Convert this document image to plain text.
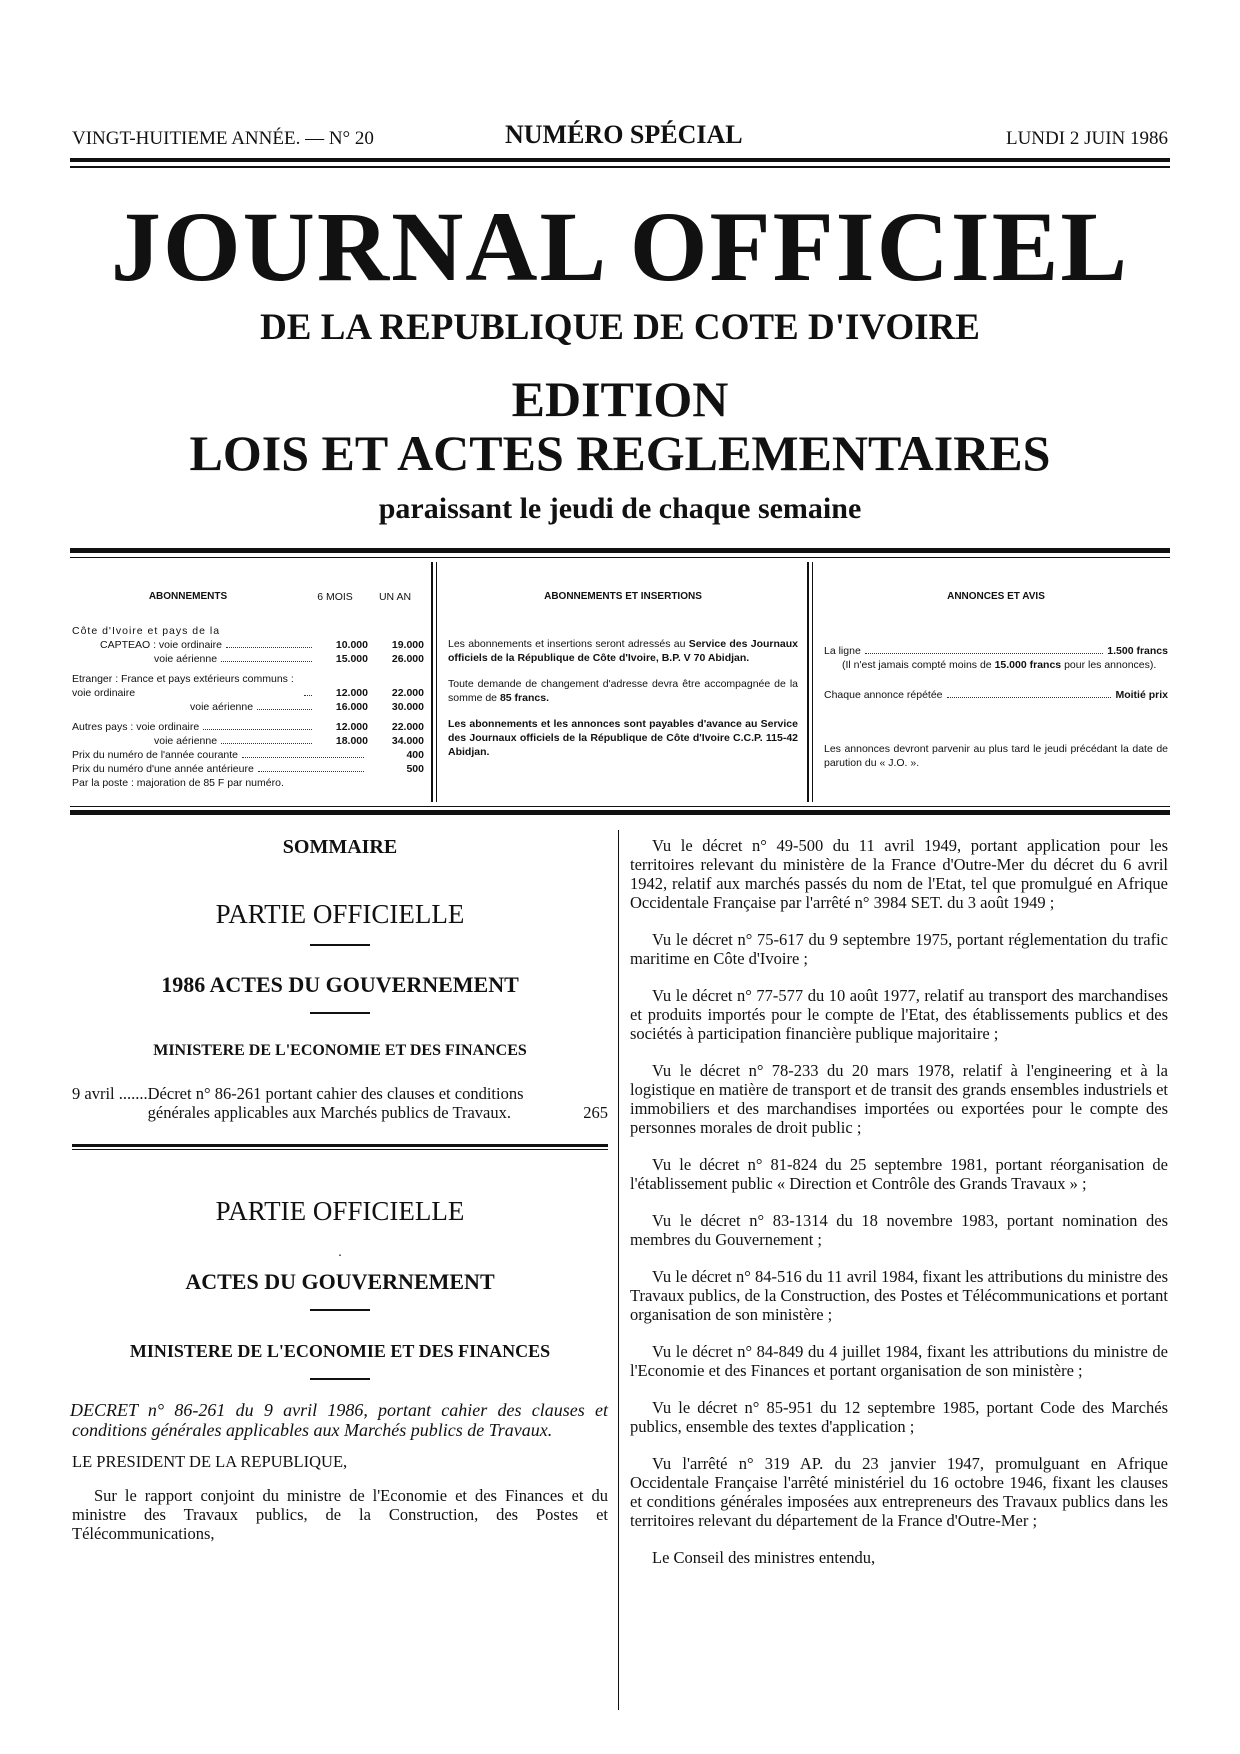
VINGT-HUITIEME ANNÉE. — N° 20	NUMÉRO SPÉCIAL	LUNDI 2 JUIN 1986
JOURNAL OFFICIEL
DE LA REPUBLIQUE DE COTE D'IVOIRE
EDITION
LOIS ET ACTES REGLEMENTAIRES
paraissant le jeudi de chaque semaine
ABONNEMENTS	6 MOIS	UN AN
Côte d'Ivoire et pays de la
CAPTEAO : voie ordinaire	10.000	19.000
voie aérienne	15.000	26.000
Etranger : France et pays extérieurs communs : voie ordinaire	12.000	22.000
voie aérienne	16.000	30.000
Autres pays : voie ordinaire	12.000	22.000
voie aérienne	18.000	34.000
Prix du numéro de l'année courante	400
Prix du numéro d'une année antérieure	500
Par la poste : majoration de 85 F par numéro.
ABONNEMENTS ET INSERTIONS
Les abonnements et insertions seront adressés au Service des Journaux officiels de la République de Côte d'Ivoire, B.P. V 70 Abidjan.
Toute demande de changement d'adresse devra être accompagnée de la somme de 85 francs.
Les abonnements et les annonces sont payables d'avance au Service des Journaux officiels de la République de Côte d'Ivoire C.C.P. 115-42 Abidjan.
ANNONCES ET AVIS
La ligne	1.500 francs
(Il n'est jamais compté moins de 15.000 francs pour les annonces).
Chaque annonce répétée	Moitié prix
Les annonces devront parvenir au plus tard le jeudi précédant la date de parution du « J.O. ».
SOMMAIRE
PARTIE OFFICIELLE
1986 ACTES DU GOUVERNEMENT
MINISTERE DE L'ECONOMIE ET DES FINANCES
9 avril ....... Décret n° 86-261 portant cahier des clauses et conditions générales applicables aux Marchés publics de Travaux.	265
PARTIE OFFICIELLE
.
ACTES DU GOUVERNEMENT
MINISTERE DE L'ECONOMIE ET DES FINANCES
DECRET n° 86-261 du 9 avril 1986, portant cahier des clauses et conditions générales applicables aux Marchés publics de Travaux.
LE PRESIDENT DE LA REPUBLIQUE,
Sur le rapport conjoint du ministre de l'Economie et des Finances et du ministre des Travaux publics, de la Construction, des Postes et Télécommunications,

Vu le décret n° 49-500 du 11 avril 1949, portant application pour les territoires relevant du ministère de la France d'Outre-Mer du décret du 6 avril 1942, relatif aux marchés passés du nom de l'Etat, tel que promulgué en Afrique Occidentale Française par l'arrêté n° 3984 SET. du 3 août 1949 ;

Vu le décret n° 75-617 du 9 septembre 1975, portant réglementation du trafic maritime en Côte d'Ivoire ;

Vu le décret n° 77-577 du 10 août 1977, relatif au transport des marchandises et produits importés pour le compte de l'Etat, des établissements publics et des sociétés à participation financière publique majoritaire ;

Vu le décret n° 78-233 du 20 mars 1978, relatif à l'engineering et à la logistique en matière de transport et de transit des grands ensembles industriels et immobiliers et des marchandises importées ou exportées pour le compte des personnes morales de droit public ;

Vu le décret n° 81-824 du 25 septembre 1981, portant réorganisation de l'établissement public « Direction et Contrôle des Grands Travaux » ;

Vu le décret n° 83-1314 du 18 novembre 1983, portant nomination des membres du Gouvernement ;

Vu le décret n° 84-516 du 11 avril 1984, fixant les attributions du ministre des Travaux publics, de la Construction, des Postes et Télécommunications et portant organisation de son ministère ;

Vu le décret n° 84-849 du 4 juillet 1984, fixant les attributions du ministre de l'Economie et des Finances et portant organisation de son ministère ;

Vu le décret n° 85-951 du 12 septembre 1985, portant Code des Marchés publics, ensemble des textes d'application ;

Vu l'arrêté n° 319 AP. du 23 janvier 1947, promulguant en Afrique Occidentale Française l'arrêté ministériel du 16 octobre 1946, fixant les clauses et conditions générales imposées aux entrepreneurs des Travaux publics dans les territoires relevant du département de la France d'Outre-Mer ;

Le Conseil des ministres entendu,
